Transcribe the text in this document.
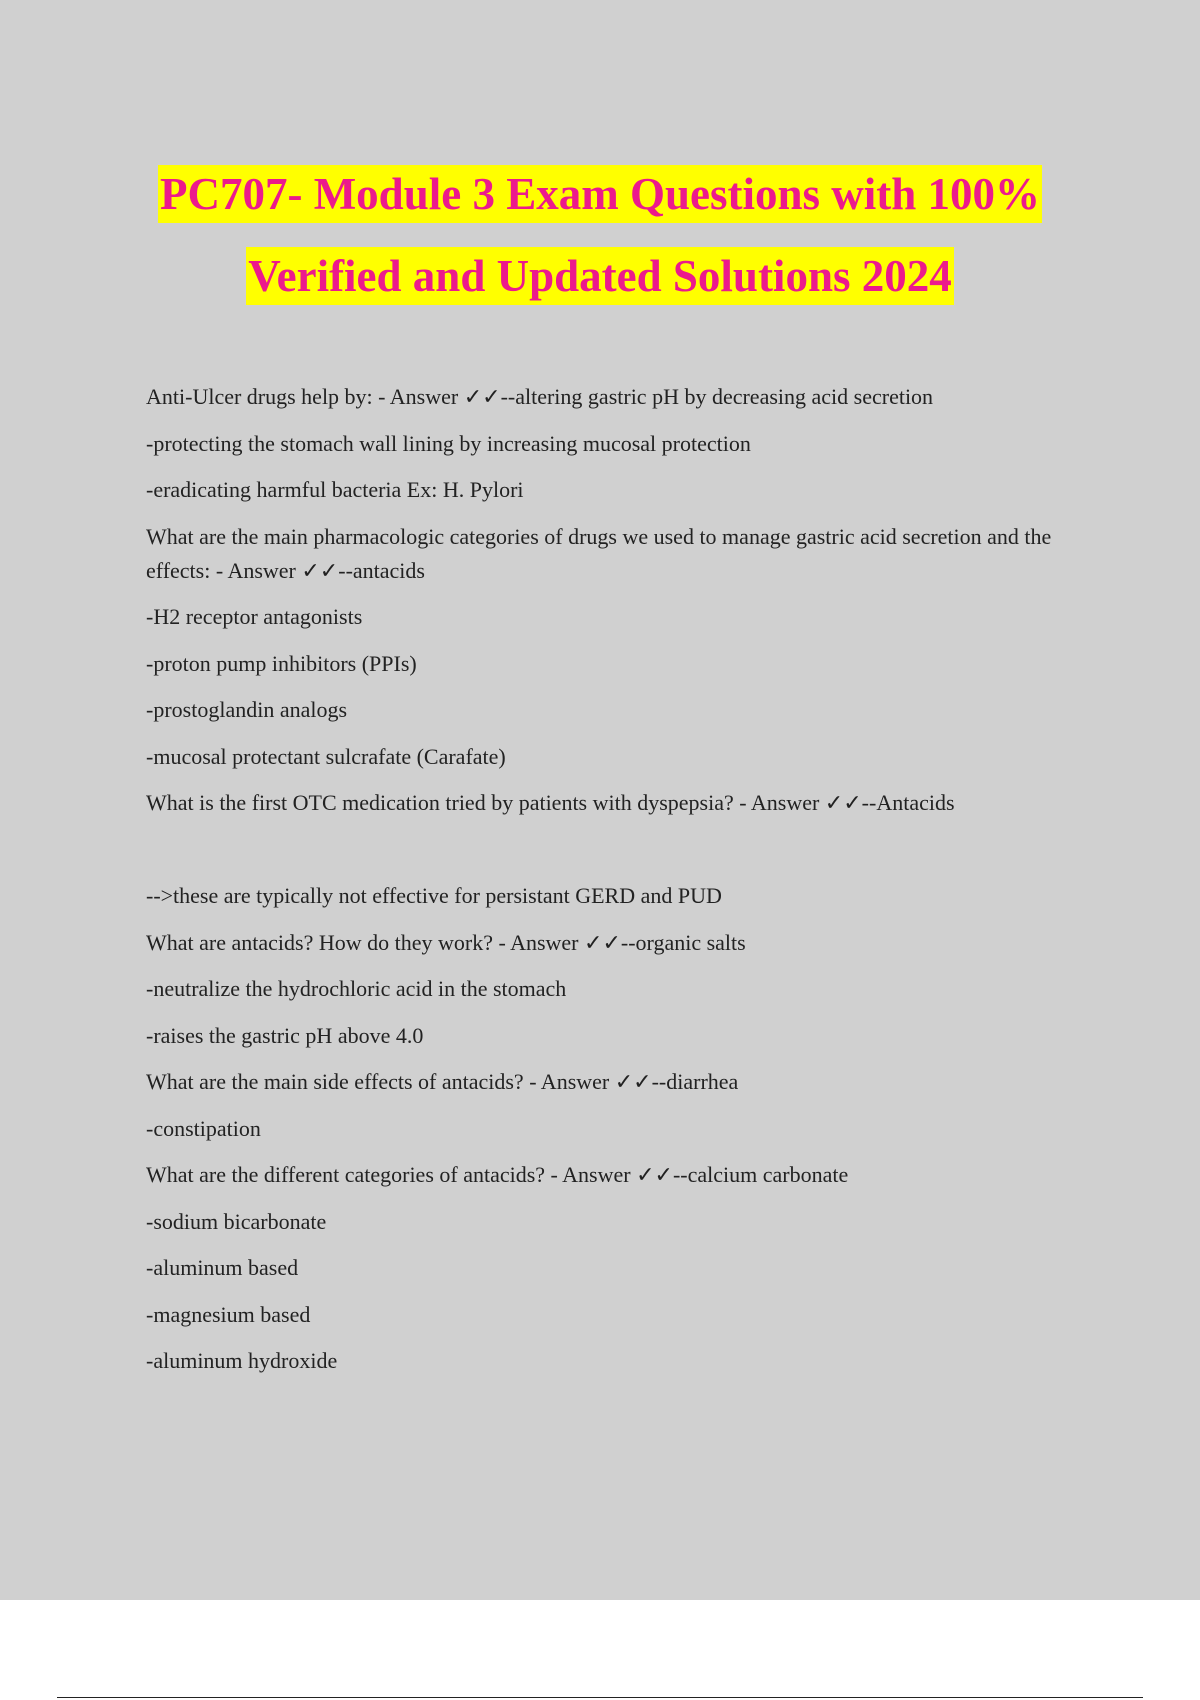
PC707- Module 3 Exam Questions with 100%
Verified and Updated Solutions 2024

Anti-Ulcer drugs help by: - Answer ✓✓--altering gastric pH by decreasing acid secretion

-protecting the stomach wall lining by increasing mucosal protection

-eradicating harmful bacteria Ex: H. Pylori

What are the main pharmacologic categories of drugs we used to manage gastric acid secretion and the effects: - Answer ✓✓--antacids

-H2 receptor antagonists

-proton pump inhibitors (PPIs)

-prostoglandin analogs

-mucosal protectant sulcrafate (Carafate)

What is the first OTC medication tried by patients with dyspepsia? - Answer ✓✓--Antacids

-->these are typically not effective for persistant GERD and PUD

What are antacids? How do they work? - Answer ✓✓--organic salts

-neutralize the hydrochloric acid in the stomach

-raises the gastric pH above 4.0

What are the main side effects of antacids? - Answer ✓✓--diarrhea

-constipation

What are the different categories of antacids? - Answer ✓✓--calcium carbonate

-sodium bicarbonate

-aluminum based

-magnesium based

-aluminum hydroxide
